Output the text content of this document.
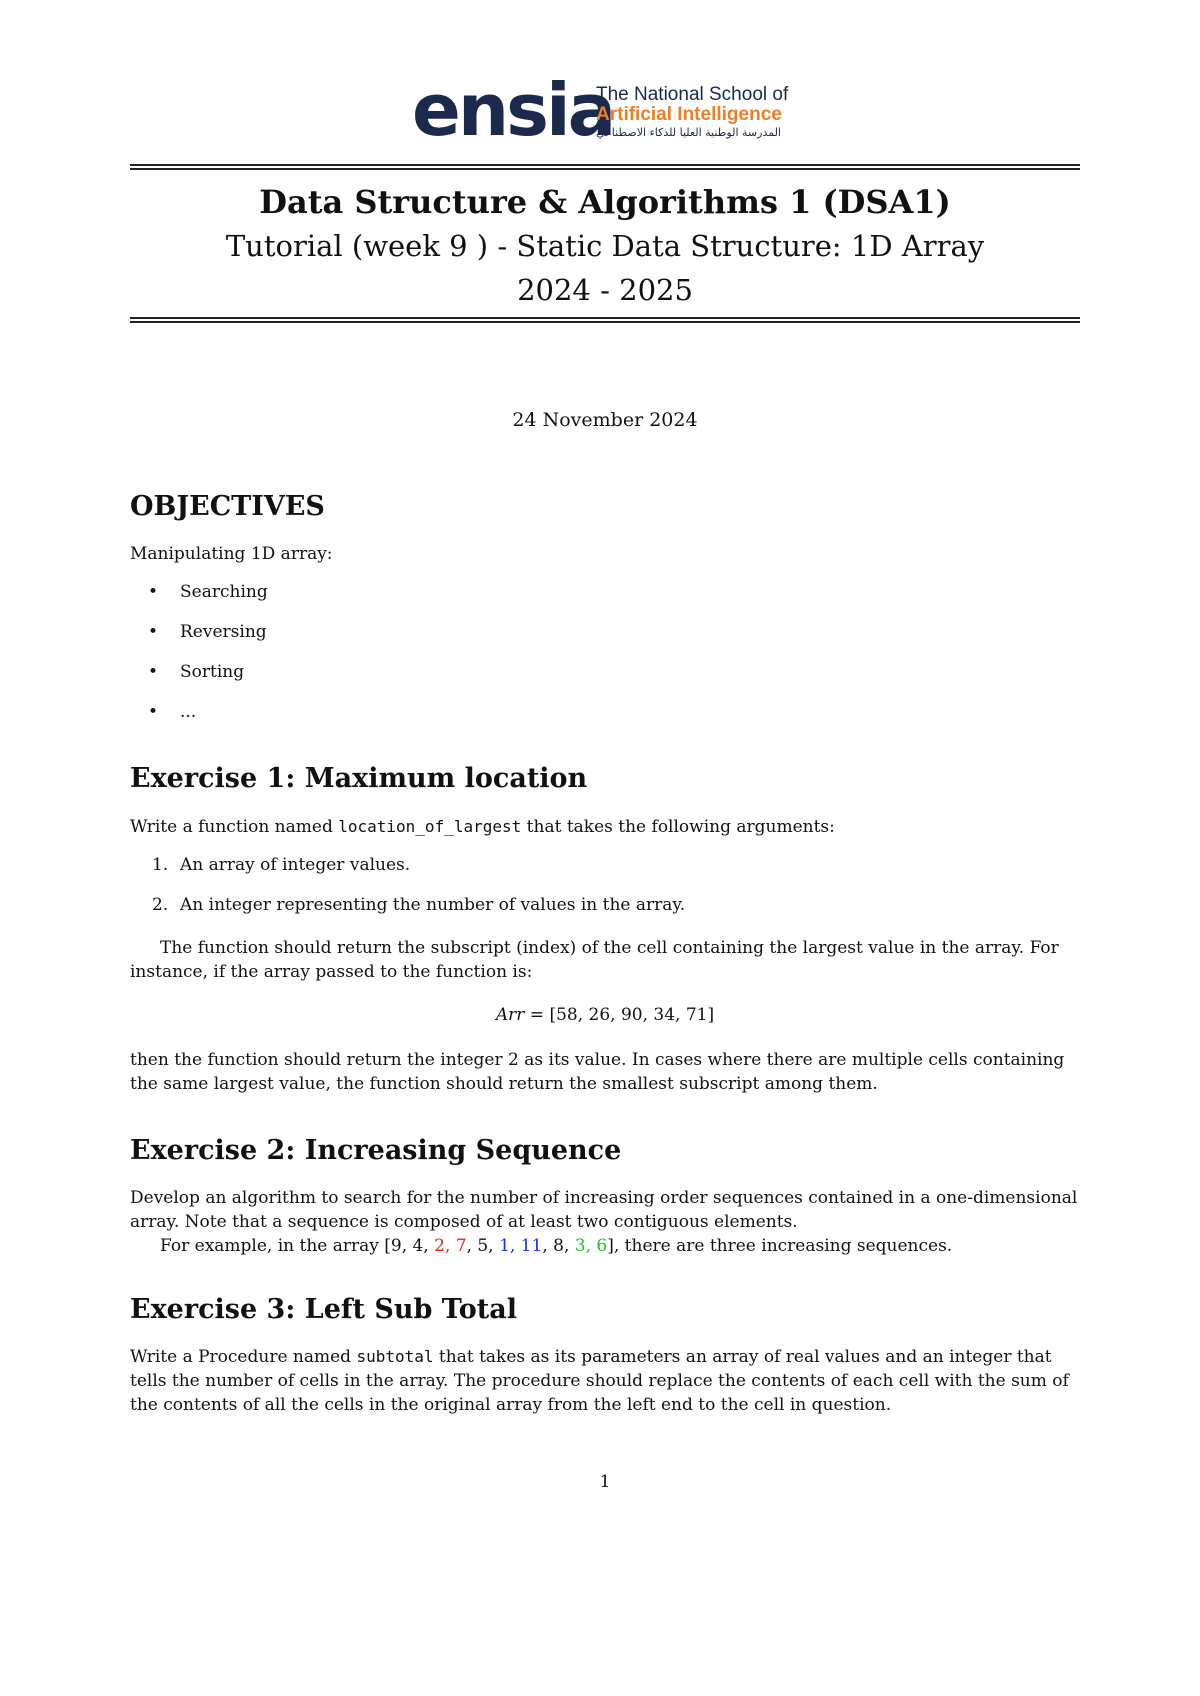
ensia
The National School of
Artificial Intelligence
المدرسة الوطنية العليا للذكاء الاصطناعي
Data Structure & Algorithms 1 (DSA1)
Tutorial (week 9 ) - Static Data Structure: 1D Array
2024 - 2025
24 November 2024
OBJECTIVES
Manipulating 1D array:
• Searching
• Reversing
• Sorting
• ...
Exercise 1: Maximum location
Write a function named location_of_largest that takes the following arguments:
1. An array of integer values.
2. An integer representing the number of values in the array.
The function should return the subscript (index) of the cell containing the largest value in the array. For instance, if the array passed to the function is:
Arr = [58, 26, 90, 34, 71]
then the function should return the integer 2 as its value. In cases where there are multiple cells containing the same largest value, the function should return the smallest subscript among them.
Exercise 2: Increasing Sequence
Develop an algorithm to search for the number of increasing order sequences contained in a one-dimensional array. Note that a sequence is composed of at least two contiguous elements.
For example, in the array [9, 4, 2, 7, 5, 1, 11, 8, 3, 6], there are three increasing sequences.
Exercise 3: Left Sub Total
Write a Procedure named subtotal that takes as its parameters an array of real values and an integer that tells the number of cells in the array. The procedure should replace the contents of each cell with the sum of the contents of all the cells in the original array from the left end to the cell in question.
1
